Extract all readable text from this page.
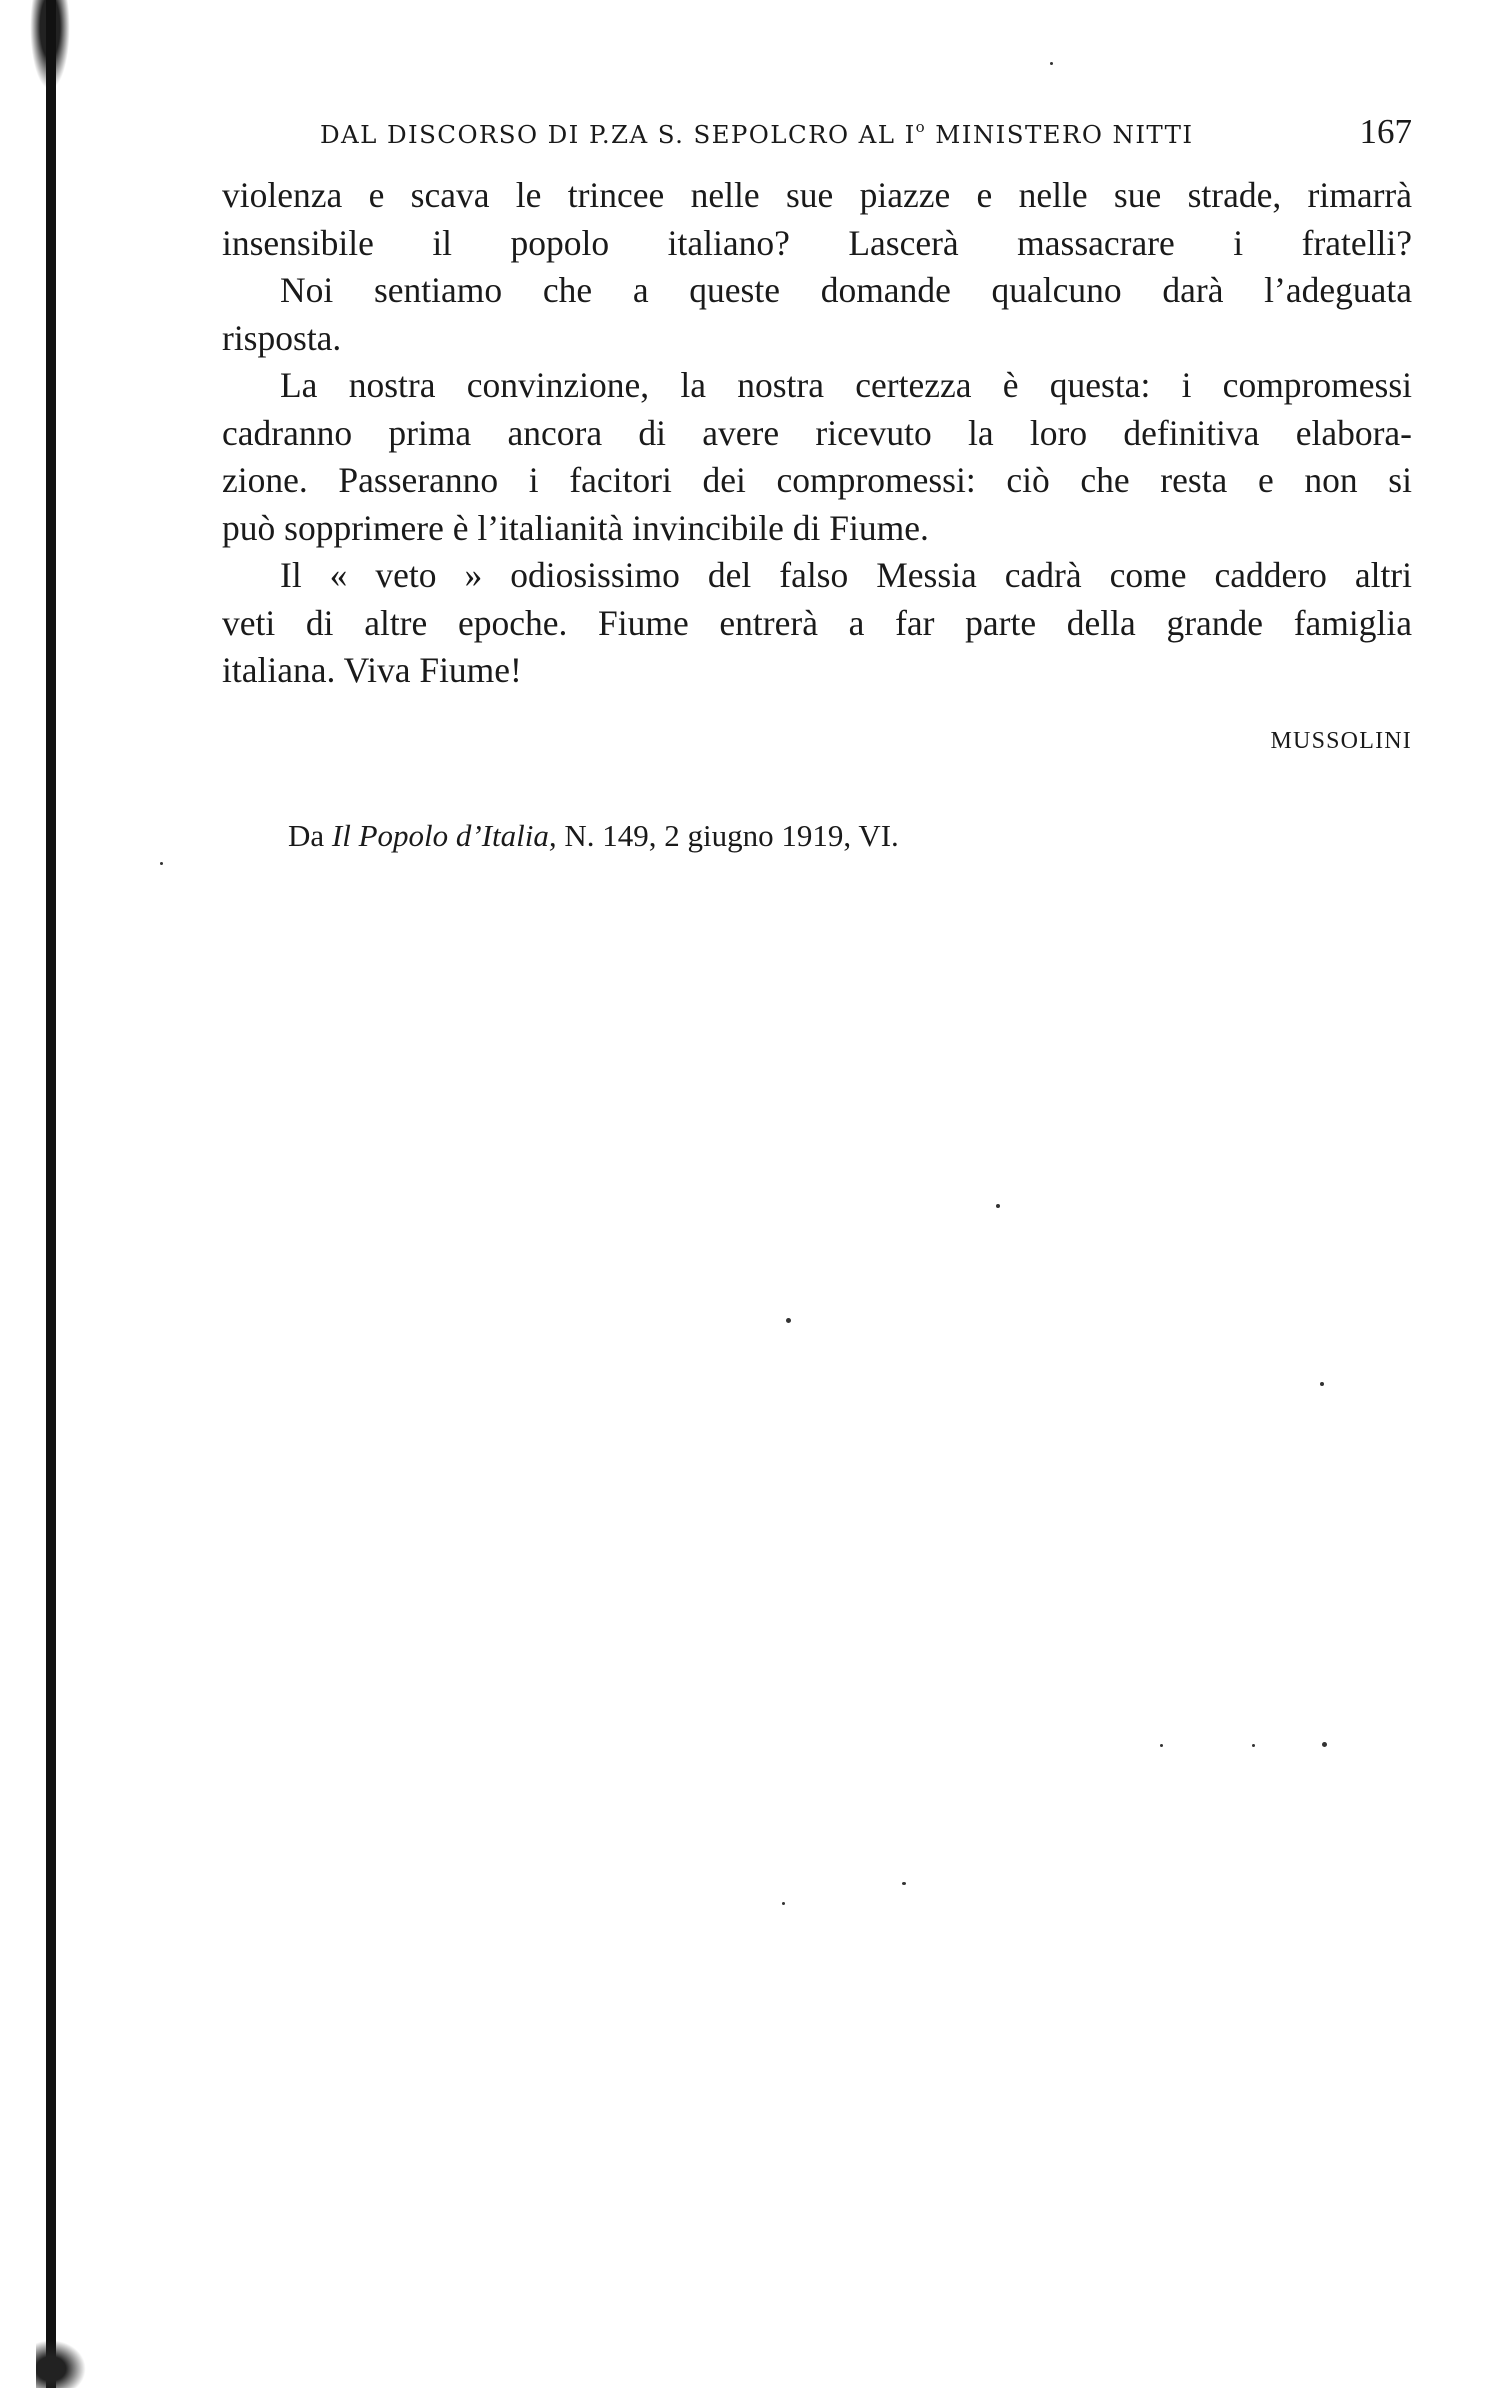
DAL DISCORSO DI P.ZA S. SEPOLCRO AL $I^o$ MINISTERO NITTI	167
violenza e scava le trincee nelle sue piazze e nelle sue strade, rimarrà
insensibile il popolo italiano? Lascerà massacrare i fratelli?
Noi sentiamo che a queste domande qualcuno darà l’adeguata
risposta.
La nostra convinzione, la nostra certezza è questa: i compromessi
cadranno prima ancora di avere ricevuto la loro definitiva elabora-
zione. Passeranno i facitori dei compromessi: ciò che resta e non si
può sopprimere è l’italianità invincibile di Fiume.
Il « veto » odiosissimo del falso Messia cadrà come caddero altri
veti di altre epoche. Fiume entrerà a far parte della grande famiglia
italiana. Viva Fiume!
MUSSOLINI
Da Il Popolo d’Italia, N. 149, 2 giugno 1919, VI.
